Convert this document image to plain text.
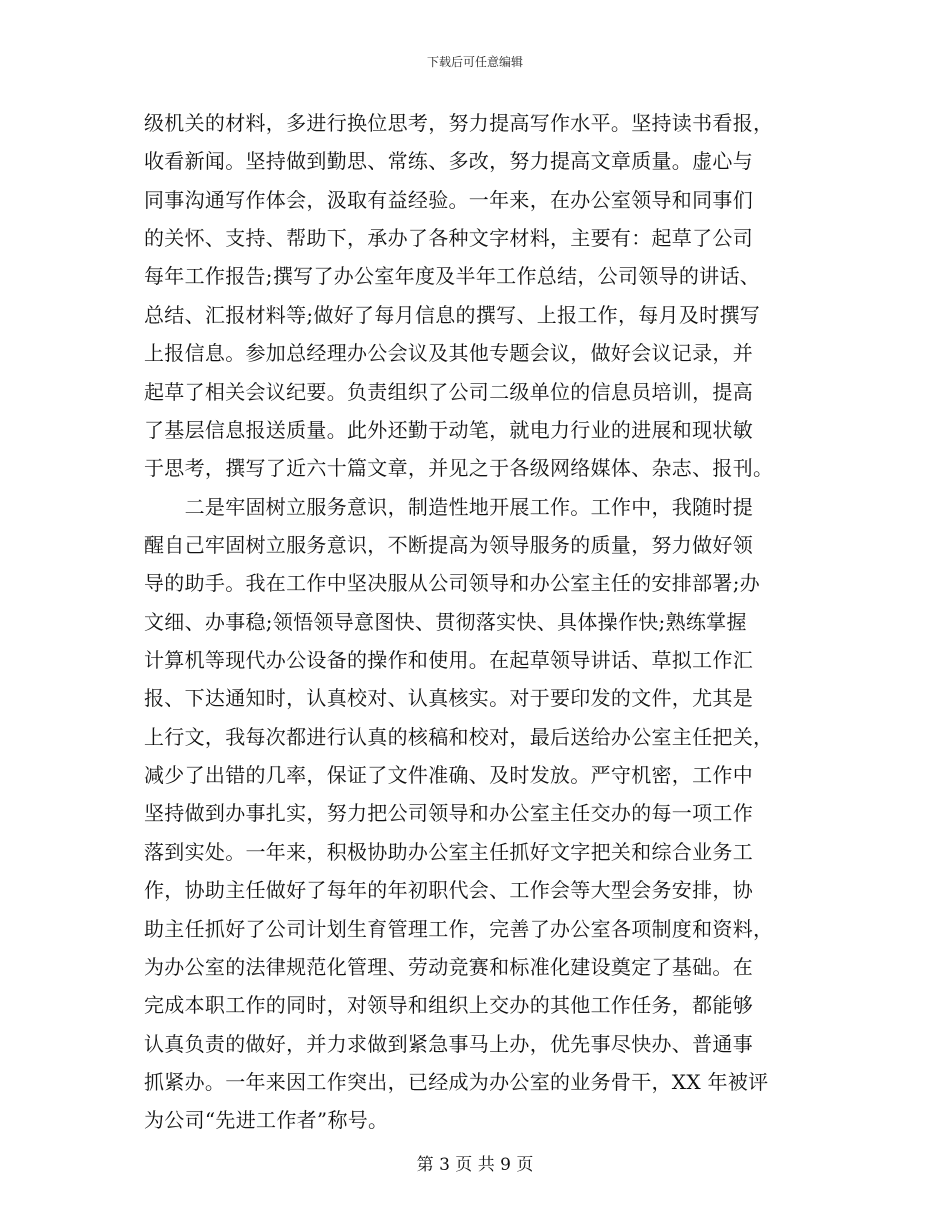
下载后可任意编辑
级机关的材料，多进行换位思考，努力提高写作水平。坚持读书看报，
收看新闻。坚持做到勤思、常练、多改，努力提高文章质量。虚心与
同事沟通写作体会，汲取有益经验。一年来，在办公室领导和同事们
的关怀、支持、帮助下，承办了各种文字材料，主要有：起草了公司
每年工作报告;撰写了办公室年度及半年工作总结，公司领导的讲话、
总结、汇报材料等;做好了每月信息的撰写、上报工作，每月及时撰写
上报信息。参加总经理办公会议及其他专题会议，做好会议记录，并
起草了相关会议纪要。负责组织了公司二级单位的信息员培训，提高
了基层信息报送质量。此外还勤于动笔，就电力行业的进展和现状敏
于思考，撰写了近六十篇文章，并见之于各级网络媒体、杂志、报刊。
　　二是牢固树立服务意识，制造性地开展工作。工作中，我随时提
醒自己牢固树立服务意识，不断提高为领导服务的质量，努力做好领
导的助手。我在工作中坚决服从公司领导和办公室主任的安排部署;办
文细、办事稳;领悟领导意图快、贯彻落实快、具体操作快;熟练掌握
计算机等现代办公设备的操作和使用。在起草领导讲话、草拟工作汇
报、下达通知时，认真校对、认真核实。对于要印发的文件，尤其是
上行文，我每次都进行认真的核稿和校对，最后送给办公室主任把关，
减少了出错的几率，保证了文件准确、及时发放。严守机密，工作中
坚持做到办事扎实，努力把公司领导和办公室主任交办的每一项工作
落到实处。一年来，积极协助办公室主任抓好文字把关和综合业务工
作，协助主任做好了每年的年初职代会、工作会等大型会务安排，协
助主任抓好了公司计划生育管理工作，完善了办公室各项制度和资料，
为办公室的法律规范化管理、劳动竞赛和标准化建设奠定了基础。在
完成本职工作的同时，对领导和组织上交办的其他工作任务，都能够
认真负责的做好，并力求做到紧急事马上办，优先事尽快办、普通事
抓紧办。一年来因工作突出，已经成为办公室的业务骨干，XX 年被评
为公司“先进工作者”称号。
第 3 页 共 9 页
